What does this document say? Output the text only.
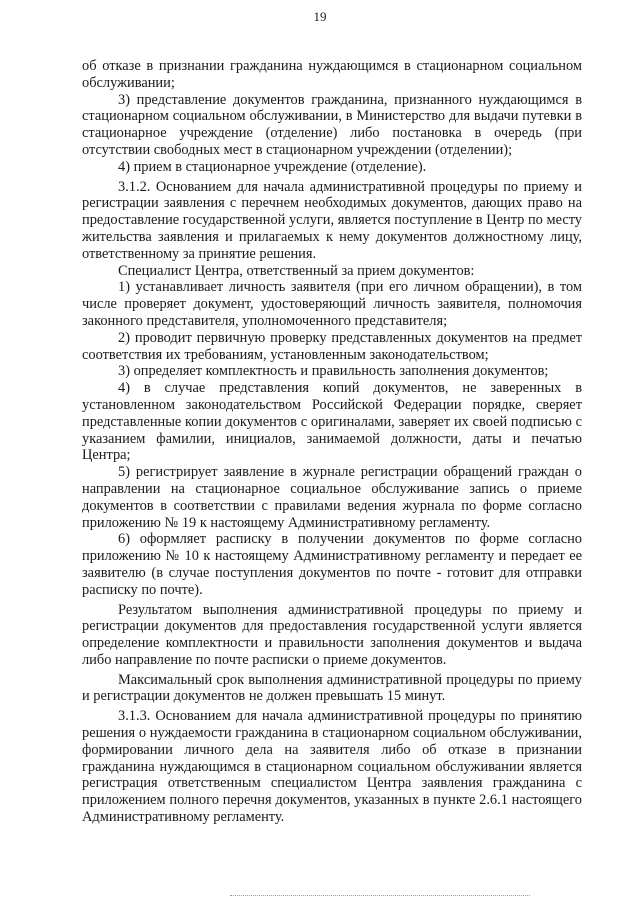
19

об отказе в признании гражданина нуждающимся в стационарном социальном обслуживании;

3) представление документов гражданина, признанного нуждающимся в стационарном социальном обслуживании, в Министерство для выдачи путевки в стационарное учреждение (отделение) либо постановка в очередь (при отсутствии свободных мест в стационарном учреждении (отделении);

4) прием в стационарное учреждение (отделение).

3.1.2. Основанием для начала административной процедуры по приему и регистрации заявления с перечнем необходимых документов, дающих право на предоставление государственной услуги, является поступление в Центр по месту жительства заявления и прилагаемых к нему документов должностному лицу, ответственному за принятие решения.

Специалист Центра, ответственный за прием документов:

1) устанавливает личность заявителя (при его личном обращении), в том числе проверяет документ, удостоверяющий личность заявителя, полномочия законного представителя, уполномоченного представителя;

2) проводит первичную проверку представленных документов на предмет соответствия их требованиям, установленным законодательством;

3) определяет комплектность и правильность заполнения документов;

4) в случае представления копий документов, не заверенных в установленном законодательством Российской Федерации порядке, сверяет представленные копии документов с оригиналами, заверяет их своей подписью с указанием фамилии, инициалов, занимаемой должности, даты и печатью Центра;

5) регистрирует заявление в журнале регистрации обращений граждан о направлении на стационарное социальное обслуживание запись о приеме документов в соответствии с правилами ведения журнала по форме согласно приложению № 19 к настоящему Административному регламенту.

6) оформляет расписку в получении документов по форме согласно приложению № 10 к настоящему Административному регламенту и передает ее заявителю (в случае поступления документов по почте - готовит для отправки расписку по почте).

Результатом выполнения административной процедуры по приему и регистрации документов для предоставления государственной услуги является определение комплектности и правильности заполнения документов и выдача либо направление по почте расписки о приеме документов.

Максимальный срок выполнения административной процедуры по приему и регистрации документов не должен превышать 15 минут.

3.1.3. Основанием для начала административной процедуры по принятию решения о нуждаемости гражданина в стационарном социальном обслуживании, формировании личного дела на заявителя либо об отказе в признании гражданина нуждающимся в стационарном социальном обслуживании является регистрация ответственным специалистом Центра заявления гражданина с приложением полного перечня документов, указанных в пункте 2.6.1 настоящего Административному регламенту.
